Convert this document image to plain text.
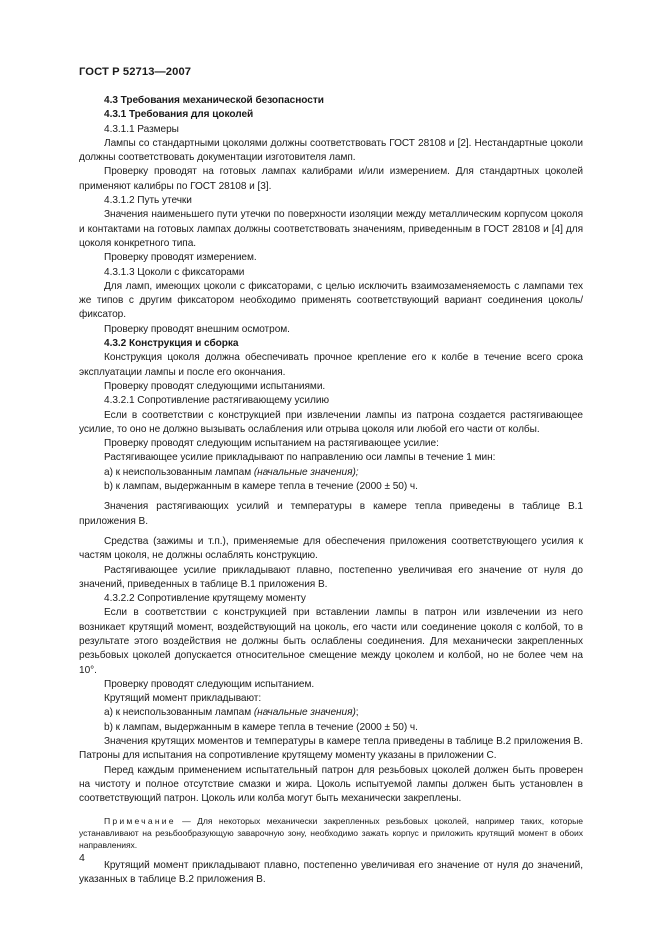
ГОСТ Р 52713—2007

4.3 Требования механической безопасности

4.3.1 Требования для цоколей

4.3.1.1 Размеры

Лампы со стандартными цоколями должны соответствовать ГОСТ 28108 и [2]. Нестандартные цоколи должны соответствовать документации изготовителя ламп.

Проверку проводят на готовых лампах калибрами и/или измерением. Для стандартных цоколей применяют калибры по ГОСТ 28108 и [3].

4.3.1.2 Путь утечки

Значения наименьшего пути утечки по поверхности изоляции между металлическим корпусом цоколя и контактами на готовых лампах должны соответствовать значениям, приведенным в ГОСТ 28108 и [4] для цоколя конкретного типа.

Проверку проводят измерением.

4.3.1.3 Цоколи с фиксаторами

Для ламп, имеющих цоколи с фиксаторами, с целью исключить взаимозаменяемость с лампами тех же типов с другим фиксатором необходимо применять соответствующий вариант соединения цоколь/фиксатор.

Проверку проводят внешним осмотром.

4.3.2 Конструкция и сборка

Конструкция цоколя должна обеспечивать прочное крепление его к колбе в течение всего срока эксплуатации лампы и после его окончания.

Проверку проводят следующими испытаниями.

4.3.2.1 Сопротивление растягивающему усилию

Если в соответствии с конструкцией при извлечении лампы из патрона создается растягивающее усилие, то оно не должно вызывать ослабления или отрыва цоколя или любой его части от колбы.

Проверку проводят следующим испытанием на растягивающее усилие:

Растягивающее усилие прикладывают по направлению оси лампы в течение 1 мин:

a) к неиспользованным лампам (начальные значения);

b) к лампам, выдержанным в камере тепла в течение (2000 ± 50) ч.

Значения растягивающих усилий и температуры в камере тепла приведены в таблице В.1 приложения В.

Средства (зажимы и т.п.), применяемые для обеспечения приложения соответствующего усилия к частям цоколя, не должны ослаблять конструкцию.

Растягивающее усилие прикладывают плавно, постепенно увеличивая его значение от нуля до значений, приведенных в таблице В.1 приложения В.

4.3.2.2 Сопротивление крутящему моменту

Если в соответствии с конструкцией при вставлении лампы в патрон или извлечении из него возникает крутящий момент, воздействующий на цоколь, его части или соединение цоколя с колбой, то в результате этого воздействия не должны быть ослаблены соединения. Для механически закрепленных резьбовых цоколей допускается относительное смещение между цоколем и колбой, но не более чем на 10°.

Проверку проводят следующим испытанием.

Крутящий момент прикладывают:

a) к неиспользованным лампам (начальные значения);

b) к лампам, выдержанным в камере тепла в течение (2000 ± 50) ч.

Значения крутящих моментов и температуры в камере тепла приведены в таблице В.2 приложения В. Патроны для испытания на сопротивление крутящему моменту указаны в приложении С.

Перед каждым применением испытательный патрон для резьбовых цоколей должен быть проверен на чистоту и полное отсутствие смазки и жира. Цоколь испытуемой лампы должен быть установлен в соответствующий патрон. Цоколь или колба могут быть механически закреплены.

Примечание — Для некоторых механически закрепленных резьбовых цоколей, например таких, которые устанавливают на резьбообразующую заварочную зону, необходимо зажать корпус и приложить крутящий момент в обоих направлениях.

Крутящий момент прикладывают плавно, постепенно увеличивая его значение от нуля до значений, указанных в таблице В.2 приложения В.

4
